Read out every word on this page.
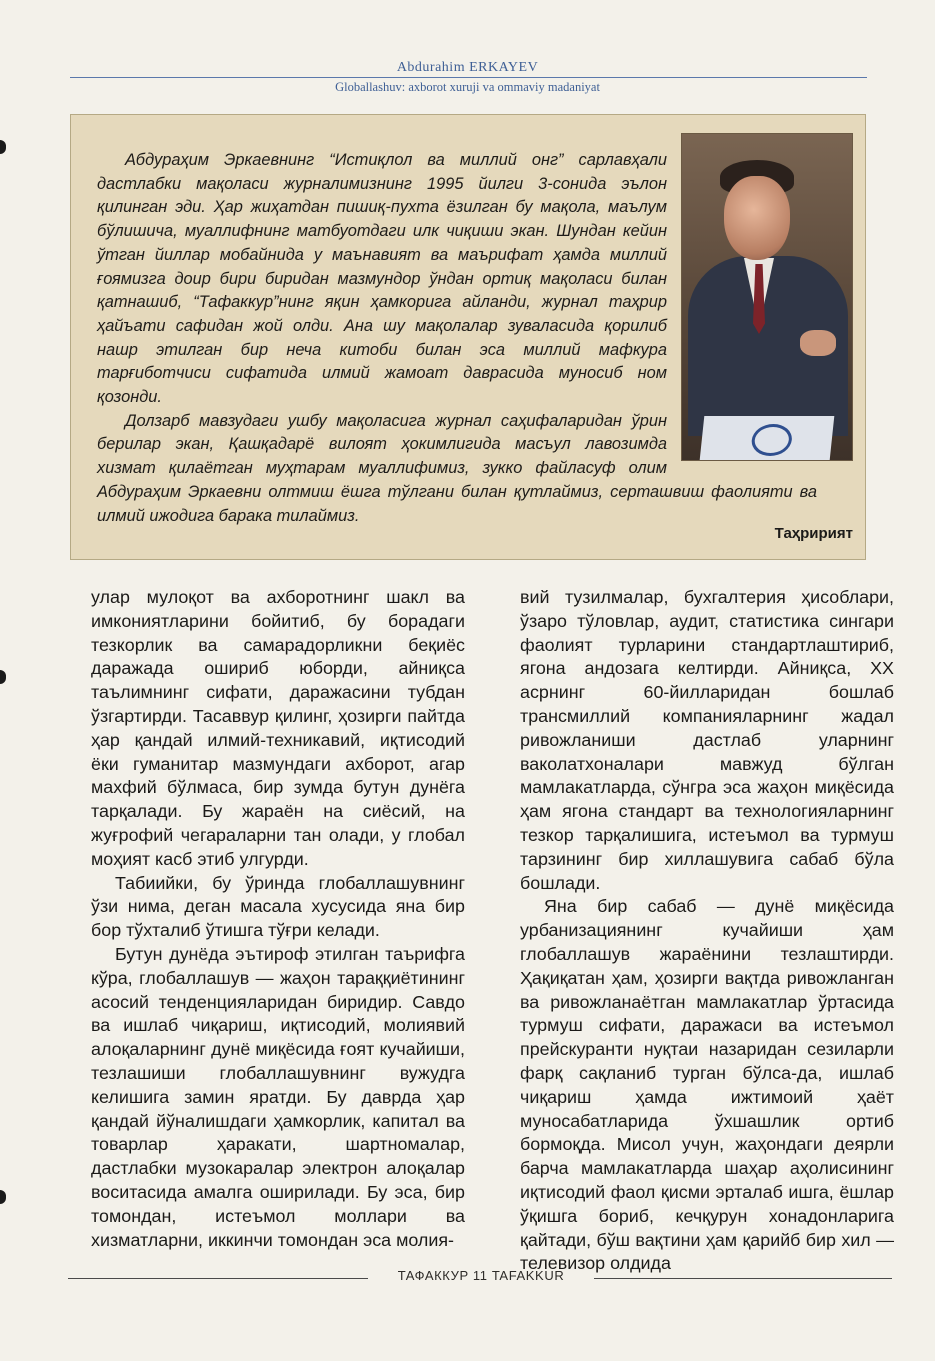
Abdurahim ERKAYEV
Globallashuv: axborot xuruji va ommaviy madaniyat

Абдураҳим Эркаевнинг “Истиқлол ва миллий онг” сарлавҳали дастлабки мақоласи журналимизнинг 1995 йилги 3-сонида эълон қилинган эди. Ҳар жиҳатдан пишиқ-пухта ёзилган бу мақола, маълум бўлишича, муаллифнинг матбуотдаги илк чиқиши экан. Шундан кейин ўтган йиллар мобайнида у маънавият ва маърифат ҳамда миллий ғоямизга доир бири биридан мазмундор ўндан ортиқ мақоласи билан қатнашиб, “Тафаккур”нинг яқин ҳамкорига айланди, журнал таҳрир ҳайъати сафидан жой олди. Ана шу мақолалар зуваласида қорилиб нашр этилган бир неча китоби билан эса миллий мафкура тарғиботчиси сифатида илмий жамоат даврасида муносиб ном қозонди.

Долзарб мавзудаги ушбу мақоласига журнал саҳифаларидан ўрин берилар экан, Қашқадарё вилоят ҳокимлигида масъул лавозимда хизмат қилаётган муҳтарам муаллифимиз, зукко файласуф олим Абдураҳим Эркаевни олтмиш ёшга тўлгани билан қутлаймиз, серташвиш фаолияти ва илмий ижодига барака тилаймиз.

Таҳририят

улар мулоқот ва ахборотнинг шакл ва имкониятларини бойитиб, бу борадаги тезкорлик ва самарадорликни беқиёс даражада ошириб юборди, айниқса таълимнинг сифати, даражасини тубдан ўзгартирди. Тасаввур қилинг, ҳозирги пайтда ҳар қандай илмий-техникавий, иқтисодий ёки гуманитар мазмундаги ахборот, агар махфий бўлмаса, бир зумда бутун дунёга тарқалади. Бу жараён на сиёсий, на жуғрофий чегараларни тан олади, у глобал моҳият касб этиб улгурди.

Табиийки, бу ўринда глобаллашувнинг ўзи нима, деган масала хусусида яна бир бор тўхталиб ўтишга тўғри келади.

Бутун дунёда эътироф этилган таърифга кўра, глобаллашув — жаҳон тараққиётининг асосий тенденцияларидан биридир. Савдо ва ишлаб чиқариш, иқтисодий, молиявий алоқаларнинг дунё миқёсида ғоят кучайиши, тезлашиши глобаллашувнинг вужудга келишига замин яратди. Бу даврда ҳар қандай йўналишдаги ҳамкорлик, капитал ва товарлар ҳаракати, шартномалар, дастлабки музокаралар электрон алоқалар воситасида амалга оширилади. Бу эса, бир томондан, истеъмол моллари ва хизматларни, иккинчи томондан эса молия-

вий тузилмалар, бухгалтерия ҳисоблари, ўзаро тўловлар, аудит, статистика сингари фаолият турларини стандартлаштириб, ягона андозага келтирди. Айниқса, XX асрнинг 60-йилларидан бошлаб трансмиллий компанияларнинг жадал ривожланиши дастлаб уларнинг ваколатхоналари мавжуд бўлган мамлакатларда, сўнгра эса жаҳон миқёсида ҳам ягона стандарт ва технологияларнинг тезкор тарқалишига, истеъмол ва турмуш тарзининг бир хиллашувига сабаб бўла бошлади.

Яна бир сабаб — дунё миқёсида урбанизациянинг кучайиши ҳам глобаллашув жараёнини тезлаштирди. Ҳақиқатан ҳам, ҳозирги вақтда ривожланган ва ривожланаётган мамлакатлар ўртасида турмуш сифати, даражаси ва истеъмол прейскуранти нуқтаи назаридан сезиларли фарқ сақланиб турган бўлса-да, ишлаб чиқариш ҳамда ижтимоий ҳаёт муносабатларида ўхшашлик ортиб бормоқда. Мисол учун, жаҳондаги деярли барча мамлакатларда шаҳар аҳолисининг иқтисодий фаол қисми эрталаб ишга, ёшлар ўқишга бориб, кечқурун хонадонларига қайтади, бўш вақтини ҳам қарийб бир хил — телевизор олдида

ТАФАККУР 11 TAFAKKUR
